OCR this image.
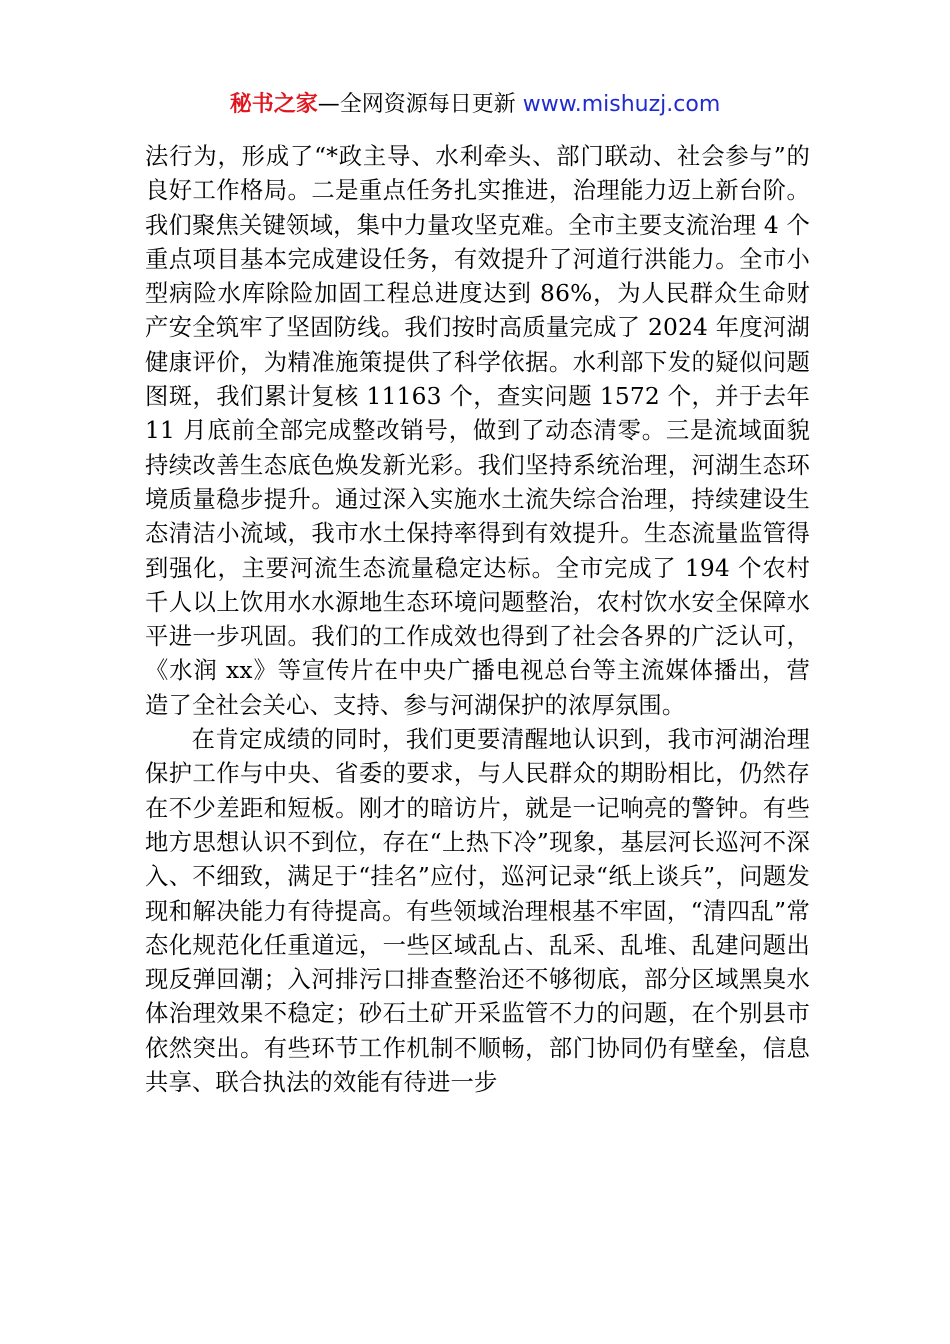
秘书之家—全网资源每日更新 www.mishuzj.com

法行为，形成了“*政主导、水利牵头、部门联动、社会参与”的良好工作格局。二是重点任务扎实推进，治理能力迈上新台阶。我们聚焦关键领域，集中力量攻坚克难。全市主要支流治理 4 个重点项目基本完成建设任务，有效提升了河道行洪能力。全市小型病险水库除险加固工程总进度达到 86%，为人民群众生命财产安全筑牢了坚固防线。我们按时高质量完成了 2024 年度河湖健康评价，为精准施策提供了科学依据。水利部下发的疑似问题图斑，我们累计复核 11163 个，查实问题 1572 个，并于去年 11 月底前全部完成整改销号，做到了动态清零。三是流域面貌持续改善生态底色焕发新光彩。我们坚持系统治理，河湖生态环境质量稳步提升。通过深入实施水土流失综合治理，持续建设生态清洁小流域，我市水土保持率得到有效提升。生态流量监管得到强化，主要河流生态流量稳定达标。全市完成了 194 个农村千人以上饮用水水源地生态环境问题整治，农村饮水安全保障水平进一步巩固。我们的工作成效也得到了社会各界的广泛认可，《水润 xx》等宣传片在中央广播电视总台等主流媒体播出，营造了全社会关心、支持、参与河湖保护的浓厚氛围。

在肯定成绩的同时，我们更要清醒地认识到，我市河湖治理保护工作与中央、省委的要求，与人民群众的期盼相比，仍然存在不少差距和短板。刚才的暗访片，就是一记响亮的警钟。有些地方思想认识不到位，存在“上热下冷”现象，基层河长巡河不深入、不细致，满足于“挂名”应付，巡河记录“纸上谈兵”，问题发现和解决能力有待提高。有些领域治理根基不牢固，“清四乱”常态化规范化任重道远，一些区域乱占、乱采、乱堆、乱建问题出现反弹回潮；入河排污口排查整治还不够彻底，部分区域黑臭水体治理效果不稳定；砂石土矿开采监管不力的问题，在个别县市依然突出。有些环节工作机制不顺畅，部门协同仍有壁垒，信息共享、联合执法的效能有待进一步
